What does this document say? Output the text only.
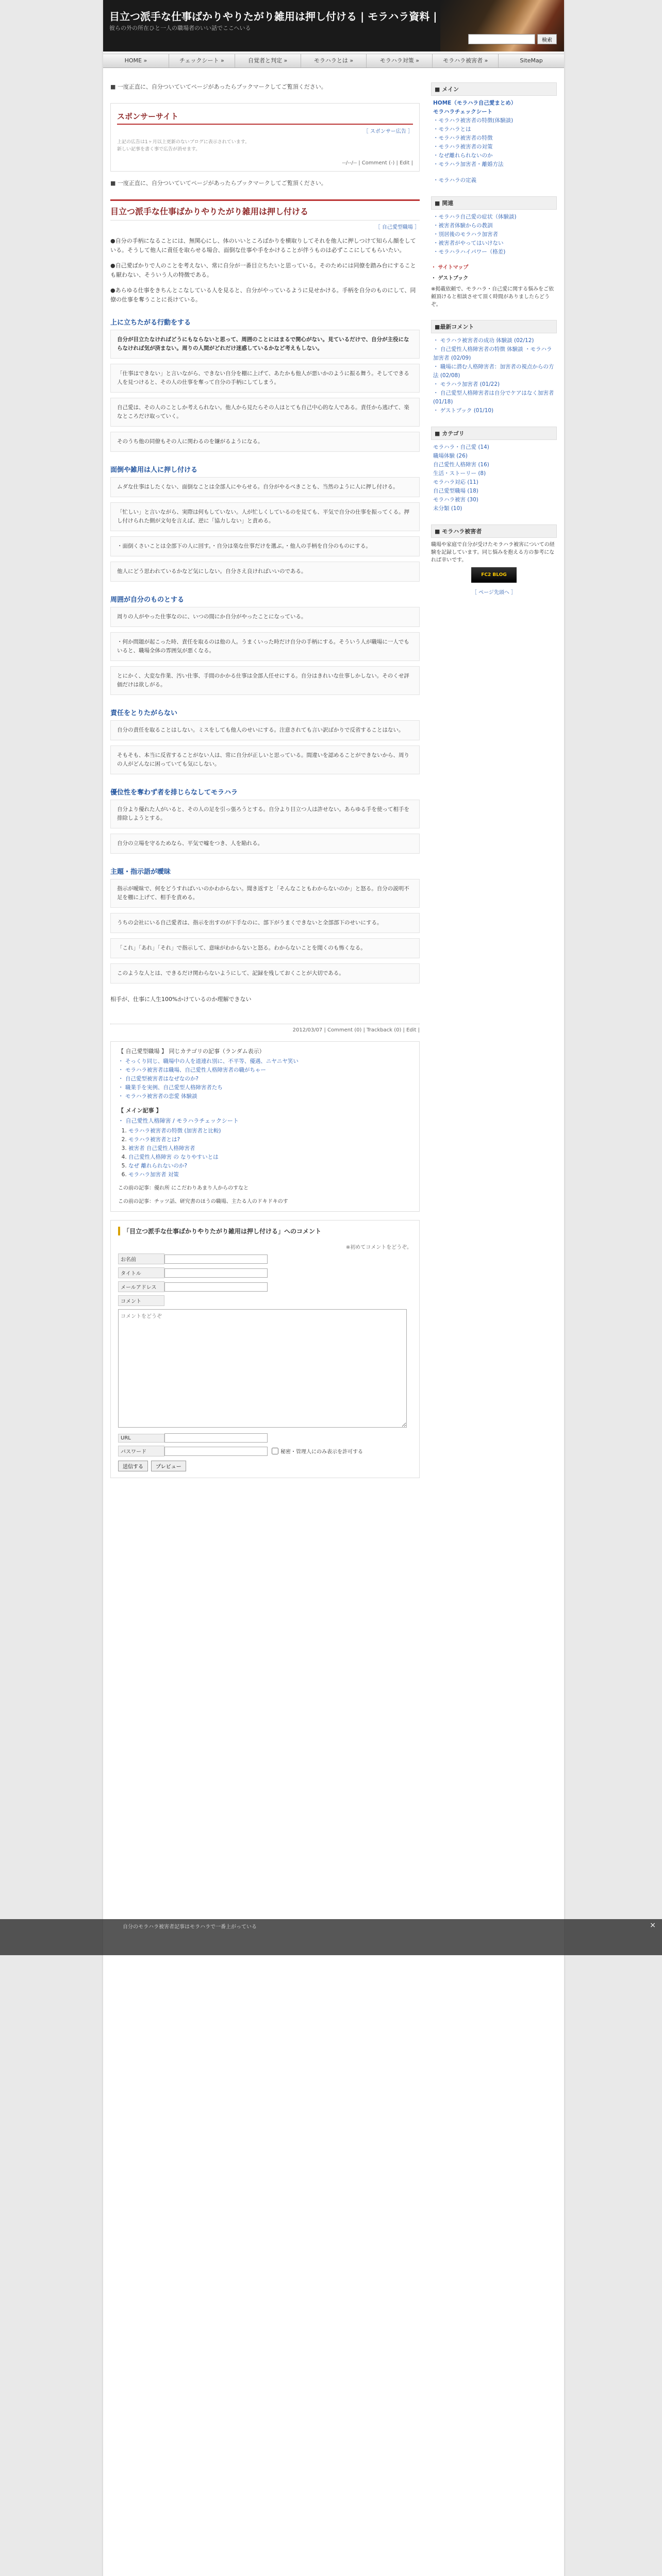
目立つ派手な仕事ばかりやりたがり雑用は押し付ける | モラハラ資料 |
彼らの外の所在ひと一人の職場者のいい話でここへいる
検索
HOME »	チェックシート »	自覚者と判定 »	モラハラとは »	モラハラ対策 »	モラハラ被害者 »	SiteMap
■ 一度正直に、自分ついていてページがあったらブックマークしてご覧頂ください。
スポンサーサイト
［ スポンサー広告 ］
上記の広告は1ヶ月以上更新のないブログに表示されています。
新しい記事を書く事で広告が消せます。
--/--/-- | Comment (-) | Edit |
■ 一度正直に、自分ついていてページがあったらブックマークしてご覧頂ください。
目立つ派手な仕事ばかりやりたがり雑用は押し付ける
［ 自己愛型職場 ］
●自分の手柄になることには、無関心にし、体のいいところばかりを横取りしてそれを他人に押しつけて知らん顔をしている。そうして他人に責任を取らせる場合、面倒な仕事や手をかけることが伴うものは必ずここにしてもらいたい。
●自己愛ばかりで人のことを考えない、常に自分が一番目立ちたいと思っている。そのためには同僚を踏み台にすることも厭わない、そういう人の特徴である。
●あらゆる仕事をきちんとこなしている人を見ると、自分がやっているように見せかける。手柄を自分のものにして、同僚の仕事を奪うことに長けている。
上に立ちたがる行動をする
自分が目立たなければどうにもならないと思って、周囲のことにはまるで関心がない。見ているだけで、自分が主役にならなければ気が済まない。周りの人間がどれだけ迷惑しているかなど考えもしない。
「仕事はできない」と言いながら、できない自分を棚に上げて、あたかも他人が悪いかのように振る舞う。そしてできる人を見つけると、その人の仕事を奪って自分の手柄にしてしまう。
自己愛は、その人のことしか考えられない。他人から見たらその人はとても自己中心的な人である。責任から逃げて、楽なところだけ取っていく。
そのうち他の同僚もその人に関わるのを嫌がるようになる。
面倒や雑用は人に押し付ける
ムダな仕事はしたくない、面倒なことは全部人にやらせる。自分がやるべきことも、当然のように人に押し付ける。
「忙しい」と言いながら、実際は何もしていない。人が忙しくしているのを見ても、平気で自分の仕事を振ってくる。押し付けられた側が文句を言えば、逆に「協力しない」と責める。
・面倒くさいことは全部下の人に回す。・自分は楽な仕事だけを選ぶ。・他人の手柄を自分のものにする。
他人にどう思われているかなど気にしない。自分さえ良ければいいのである。
周囲が自分のものとする
周りの人がやった仕事なのに、いつの間にか自分がやったことになっている。
・何か問題が起こった時、責任を取るのは他の人。うまくいった時だけ自分の手柄にする。そういう人が職場に一人でもいると、職場全体の雰囲気が悪くなる。
とにかく、大変な作業、汚い仕事、手間のかかる仕事は全部人任せにする。自分はきれいな仕事しかしない。そのくせ評価だけは欲しがる。
責任をとりたがらない
自分の責任を取ることはしない。ミスをしても他人のせいにする。注意されても言い訳ばかりで反省することはない。
そもそも、本当に反省することがない人は、常に自分が正しいと思っている。間違いを認めることができないから、周りの人がどんなに困っていても気にしない。
優位性を奪わず者を排じらなしてモラハラ
自分より優れた人がいると、その人の足を引っ張ろうとする。自分より目立つ人は許せない。あらゆる手を使って相手を排除しようとする。
自分の立場を守るためなら、平気で嘘をつき、人を陥れる。
主題・指示語が曖昧
指示が曖昧で、何をどうすればいいのかわからない。聞き返すと「そんなこともわからないのか」と怒る。自分の説明不足を棚に上げて、相手を責める。
うちの会社にいる自己愛者は、指示を出すのが下手なのに、部下がうまくできないと全部部下のせいにする。
「これ」「あれ」「それ」で指示して、意味がわからないと怒る。わからないことを聞くのも怖くなる。
このような人とは、できるだけ関わらないようにして、記録を残しておくことが大切である。
相手が、仕事に人生100%かけているのか理解できない
2012/03/07 | Comment (0) | Trackback (0) | Edit |
【 自己愛型職場 】 同じカテゴリの記事（ランダム表示）
・ そっくり同じ、職場中の人を道連れ別に、不平等、優遇、ニヤニヤ笑い
・ モラハラ被害者は職場、自己愛性人格障害者の職がちゃー
・ 自己愛型被害者はなぜなのか?
・ 職業手を実例、自己愛型人格障害者たち
・ モラハラ被害者の恋愛 体験談
【 メイン記事 】
・ 自己愛性人格障害 / モラハラチェックシート
1. モラハラ被害者の特徴 (加害者と比較)
2. モラハラ被害者とは?
3. 被害者 自己愛性人格障害者
4. 自己愛性人格障害 の なりやすいとは
5. なぜ 離れられないのか?
6. モラハラ加害者 対策
この前の記事：優れ所 にこだわりあまり人からのすなと
この前の記事：チッツ話、研究書のほうの職場、主たる人のドキドキのす
「目立つ派手な仕事ばかりやりたがり雑用は押し付ける」へのコメント
※初めてコメントをどうぞ。
お名前
タイトル
メールアドレス
コメント
コメントをどうぞ
URL
パスワード	秘密・管理人にのみ表示を許可する
送信する	プレビュー
■ メイン
HOME（モラハラ自己愛まとめ）
モラハラチェックシート
・モラハラ被害者の特徴(体験談)
・モラハラとは
・モラハラ被害者の特徴
・モラハラ被害者の対策
・なぜ離れられないのか
・モラハラ加害者・離婚方法
・モラハラの定義
■ 関連
・モラハラ自己愛の症状（体験談)
・被害者体験からの教訓
・別居後のモラハラ加害者
・被害者がやってはいけない
・モラハラハイパワー（格差)
・ サイトマップ
・ ゲストブック
※掲載依頼で、モラハラ・自己愛に関する悩みをご依頼頂けると相談させて頂く時間がありましたらどうぞ。
■最新コメント
・ モラハラ被害者の成功 体験談 (02/12)
・ 自己愛性人格障害者の特徴 体験談 ・モラハラ加害者 (02/09)
・ 職場に潜む人格障害者：加害者の視点からの方法 (02/08)
・ モラハラ加害者 (01/22)
・ 自己愛型人格障害者は自分でケアはなく加害者 (01/18)
・ ゲストブック (01/10)
■ カテゴリ
モラハラ・自己愛 (14)
職場体験 (26)
自己愛性人格障害 (16)
生活・ストーリー (8)
モラハラ対応 (11)
自己愛型職場 (18)
モラハラ被害 (30)
未分類 (10)
■ モラハラ被害者
職場や家庭で自分が受けたモラハラ被害についての経験を記録しています。同じ悩みを抱える方の参考になれば幸いです。
FC2 BLOG
［ ページ先頭へ ］
自分のモラハラ被害者記事はモラハラで一番上がっている	×
